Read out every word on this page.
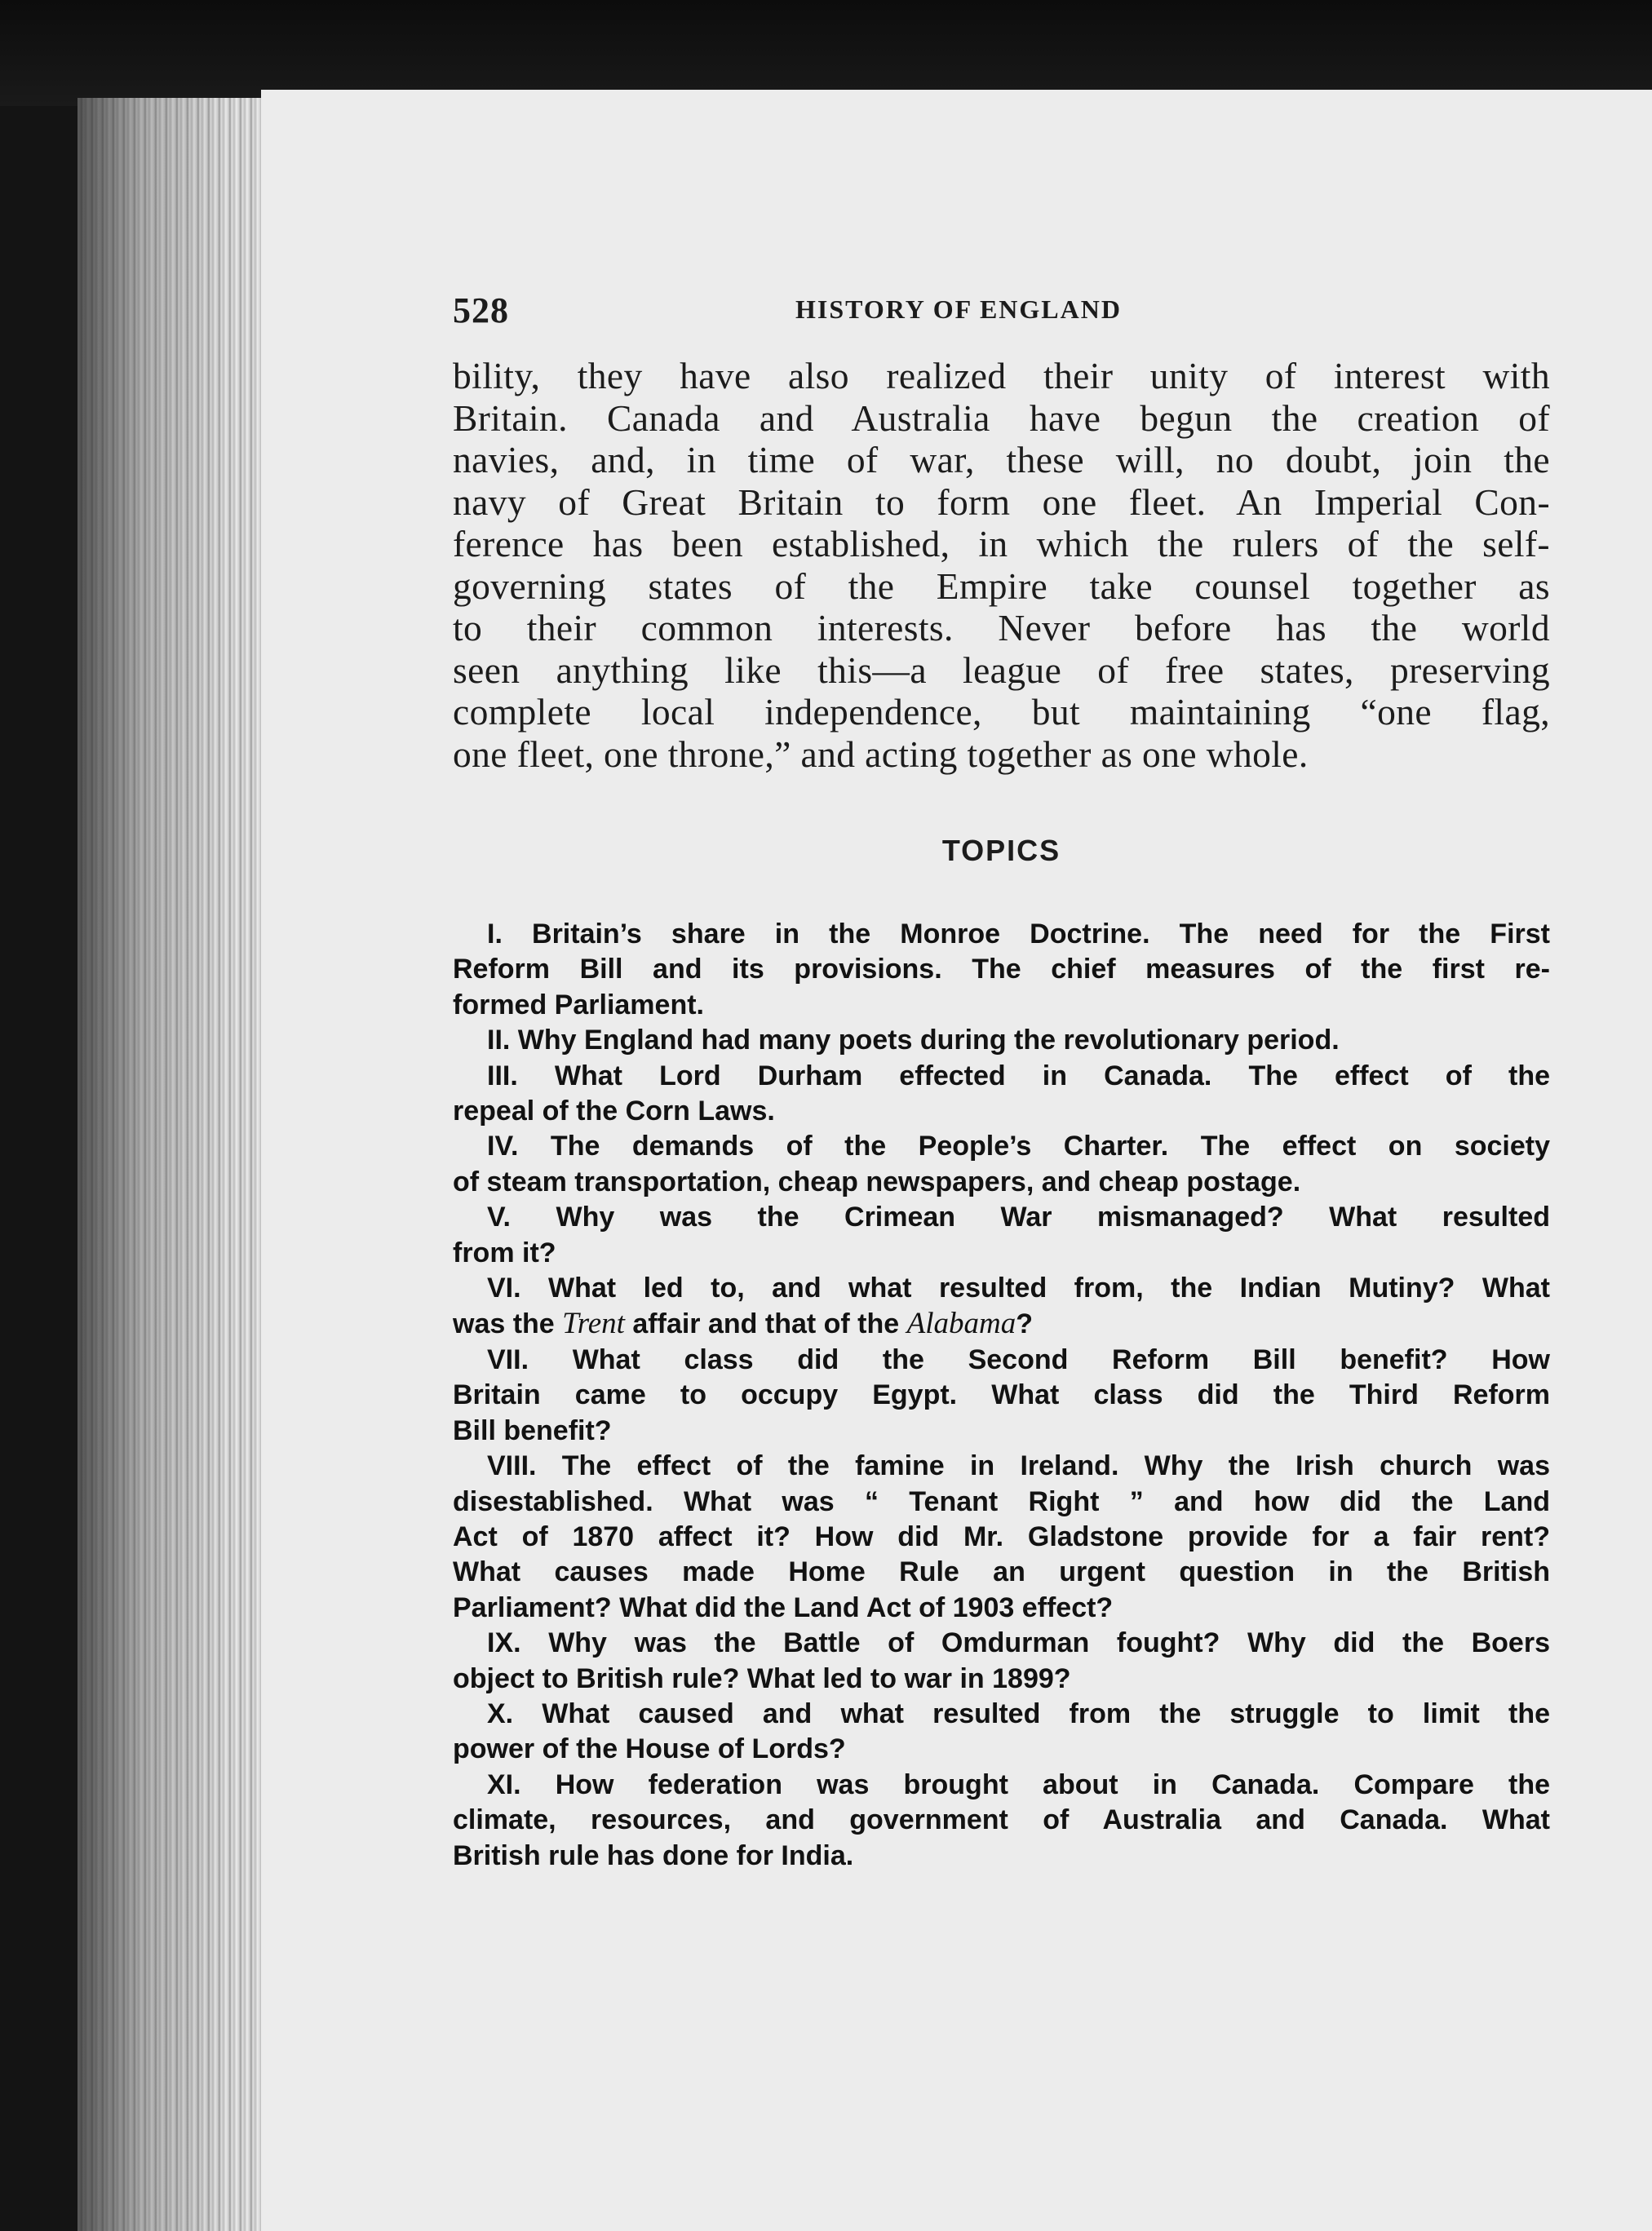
528	HISTORY OF ENGLAND

bility, they have also realized their unity of interest with
Britain. Canada and Australia have begun the creation of
navies, and, in time of war, these will, no doubt, join the
navy of Great Britain to form one fleet. An Imperial Con-
ference has been established, in which the rulers of the self-
governing states of the Empire take counsel together as
to their common interests. Never before has the world
seen anything like this—a league of free states, preserving
complete local independence, but maintaining “one flag,
one fleet, one throne,” and acting together as one whole.

TOPICS

I. Britain’s share in the Monroe Doctrine. The need for the First
Reform Bill and its provisions. The chief measures of the first re-
formed Parliament.

II. Why England had many poets during the revolutionary period.

III. What Lord Durham effected in Canada. The effect of the
repeal of the Corn Laws.

IV. The demands of the People’s Charter. The effect on society
of steam transportation, cheap newspapers, and cheap postage.

V. Why was the Crimean War mismanaged? What resulted
from it?

VI. What led to, and what resulted from, the Indian Mutiny? What
was the Trent affair and that of the Alabama?

VII. What class did the Second Reform Bill benefit? How
Britain came to occupy Egypt. What class did the Third Reform
Bill benefit?

VIII. The effect of the famine in Ireland. Why the Irish church was
disestablished. What was “ Tenant Right ” and how did the Land
Act of 1870 affect it? How did Mr. Gladstone provide for a fair rent?
What causes made Home Rule an urgent question in the British
Parliament? What did the Land Act of 1903 effect?

IX. Why was the Battle of Omdurman fought? Why did the Boers
object to British rule? What led to war in 1899?

X. What caused and what resulted from the struggle to limit the
power of the House of Lords?

XI. How federation was brought about in Canada. Compare the
climate, resources, and government of Australia and Canada. What
British rule has done for India.
